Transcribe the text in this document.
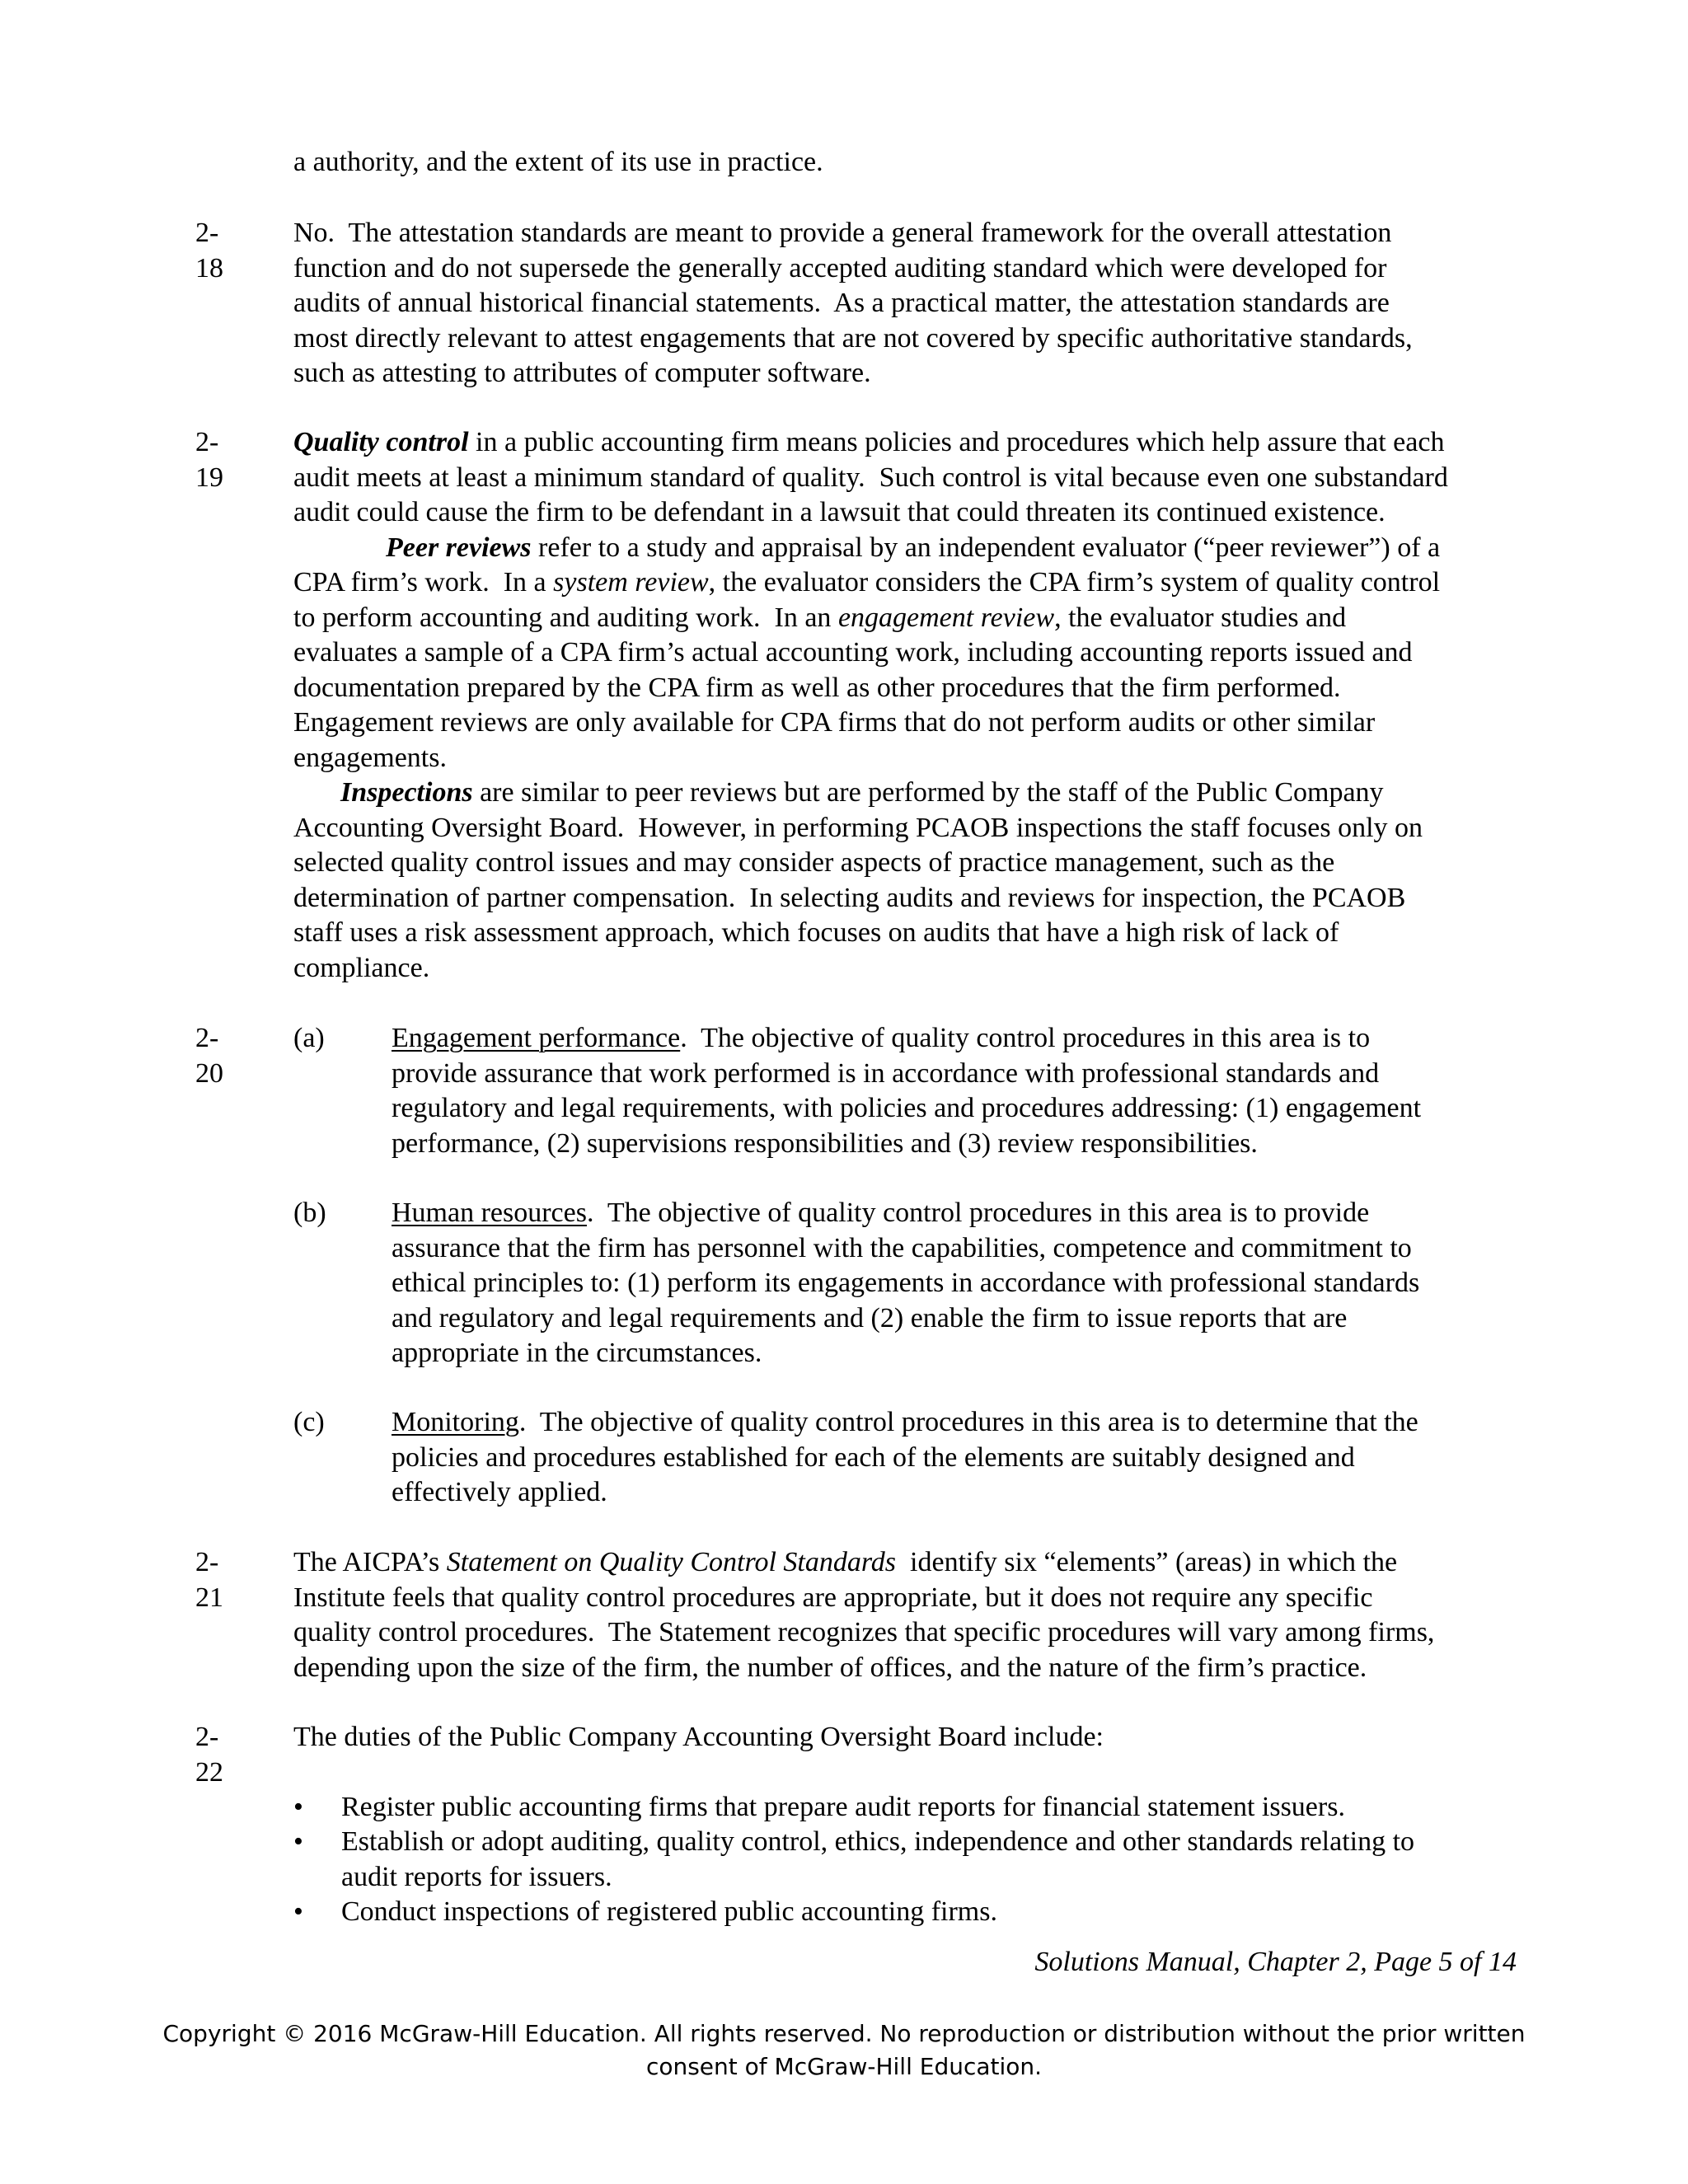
a authority, and the extent of its use in practice.
2-18
No.  The attestation standards are meant to provide a general framework for the overall attestation
function and do not supersede the generally accepted auditing standard which were developed for
audits of annual historical financial statements.  As a practical matter, the attestation standards are
most directly relevant to attest engagements that are not covered by specific authoritative standards,
such as attesting to attributes of computer software.
2-19
Quality control in a public accounting firm means policies and procedures which help assure that each
audit meets at least a minimum standard of quality.  Such control is vital because even one substandard
audit could cause the firm to be defendant in a lawsuit that could threaten its continued existence.
Peer reviews refer to a study and appraisal by an independent evaluator (“peer reviewer”) of a
CPA firm’s work.  In a system review, the evaluator considers the CPA firm’s system of quality control
to perform accounting and auditing work.  In an engagement review, the evaluator studies and
evaluates a sample of a CPA firm’s actual accounting work, including accounting reports issued and
documentation prepared by the CPA firm as well as other procedures that the firm performed.
Engagement reviews are only available for CPA firms that do not perform audits or other similar
engagements.
Inspections are similar to peer reviews but are performed by the staff of the Public Company
Accounting Oversight Board.  However, in performing PCAOB inspections the staff focuses only on
selected quality control issues and may consider aspects of practice management, such as the
determination of partner compensation.  In selecting audits and reviews for inspection, the PCAOB
staff uses a risk assessment approach, which focuses on audits that have a high risk of lack of
compliance.
2-20
(a) Engagement performance.  The objective of quality control procedures in this area is to
provide assurance that work performed is in accordance with professional standards and
regulatory and legal requirements, with policies and procedures addressing: (1) engagement
performance, (2) supervisions responsibilities and (3) review responsibilities.
(b) Human resources.  The objective of quality control procedures in this area is to provide
assurance that the firm has personnel with the capabilities, competence and commitment to
ethical principles to: (1) perform its engagements in accordance with professional standards
and regulatory and legal requirements and (2) enable the firm to issue reports that are
appropriate in the circumstances.
(c) Monitoring.  The objective of quality control procedures in this area is to determine that the
policies and procedures established for each of the elements are suitably designed and
effectively applied.
2-21
The AICPA’s Statement on Quality Control Standards  identify six “elements” (areas) in which the
Institute feels that quality control procedures are appropriate, but it does not require any specific
quality control procedures.  The Statement recognizes that specific procedures will vary among firms,
depending upon the size of the firm, the number of offices, and the nature of the firm’s practice.
2-22
The duties of the Public Company Accounting Oversight Board include:
• Register public accounting firms that prepare audit reports for financial statement issuers.
• Establish or adopt auditing, quality control, ethics, independence and other standards relating to
audit reports for issuers.
• Conduct inspections of registered public accounting firms.
Solutions Manual, Chapter 2, Page 5 of 14
Copyright © 2016 McGraw-Hill Education. All rights reserved. No reproduction or distribution without the prior written
consent of McGraw-Hill Education.
